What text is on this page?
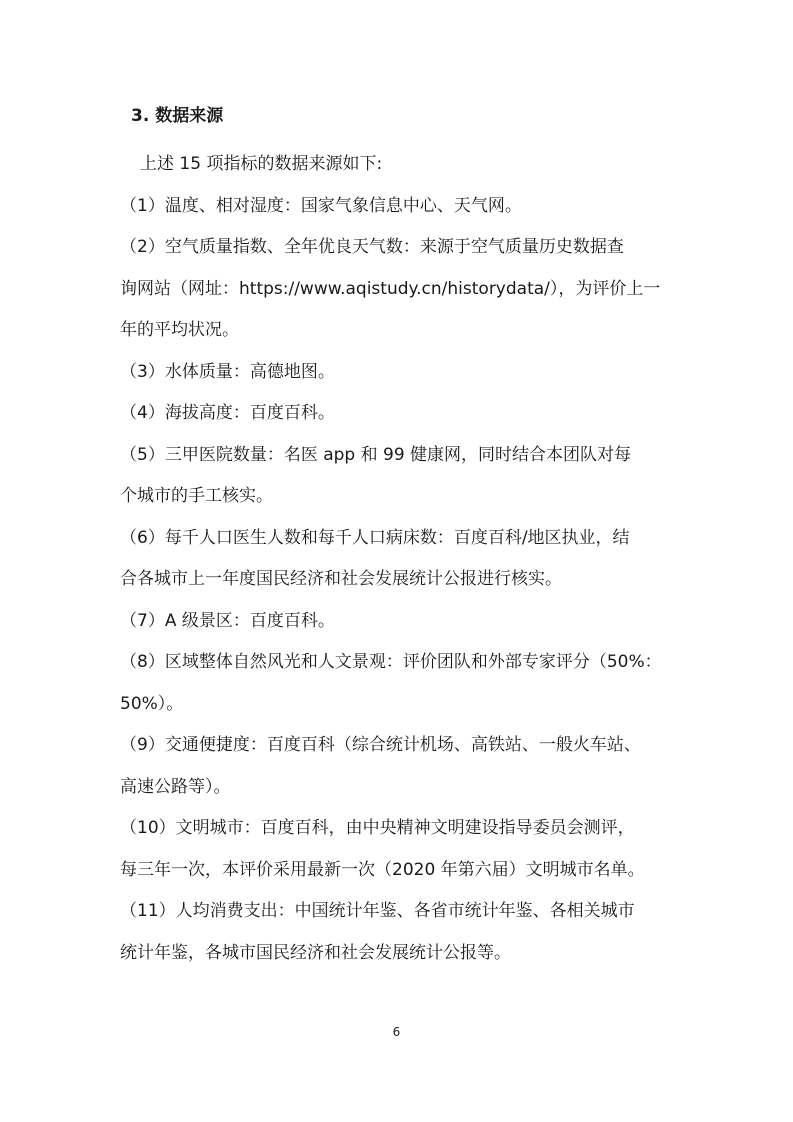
3. 数据来源

上述 15 项指标的数据来源如下:

（1）温度、相对湿度：国家气象信息中心、天气网。

（2）空气质量指数、全年优良天气数：来源于空气质量历史数据查

询网站（网址：https://www.aqistudy.cn/historydata/），为评价上一

年的平均状况。

（3）水体质量：高德地图。

（4）海拔高度：百度百科。

（5）三甲医院数量：名医 app 和 99 健康网，同时结合本团队对每

个城市的手工核实。

（6）每千人口医生人数和每千人口病床数：百度百科/地区执业，结

合各城市上一年度国民经济和社会发展统计公报进行核实。

（7）A 级景区：百度百科。

（8）区域整体自然风光和人文景观：评价团队和外部专家评分（50%：

50%）。

（9）交通便捷度：百度百科（综合统计机场、高铁站、一般火车站、

高速公路等）。

（10）文明城市：百度百科，由中央精神文明建设指导委员会测评，

每三年一次，本评价采用最新一次（2020 年第六届）文明城市名单。

（11）人均消费支出：中国统计年鉴、各省市统计年鉴、各相关城市

统计年鉴，各城市国民经济和社会发展统计公报等。

6
